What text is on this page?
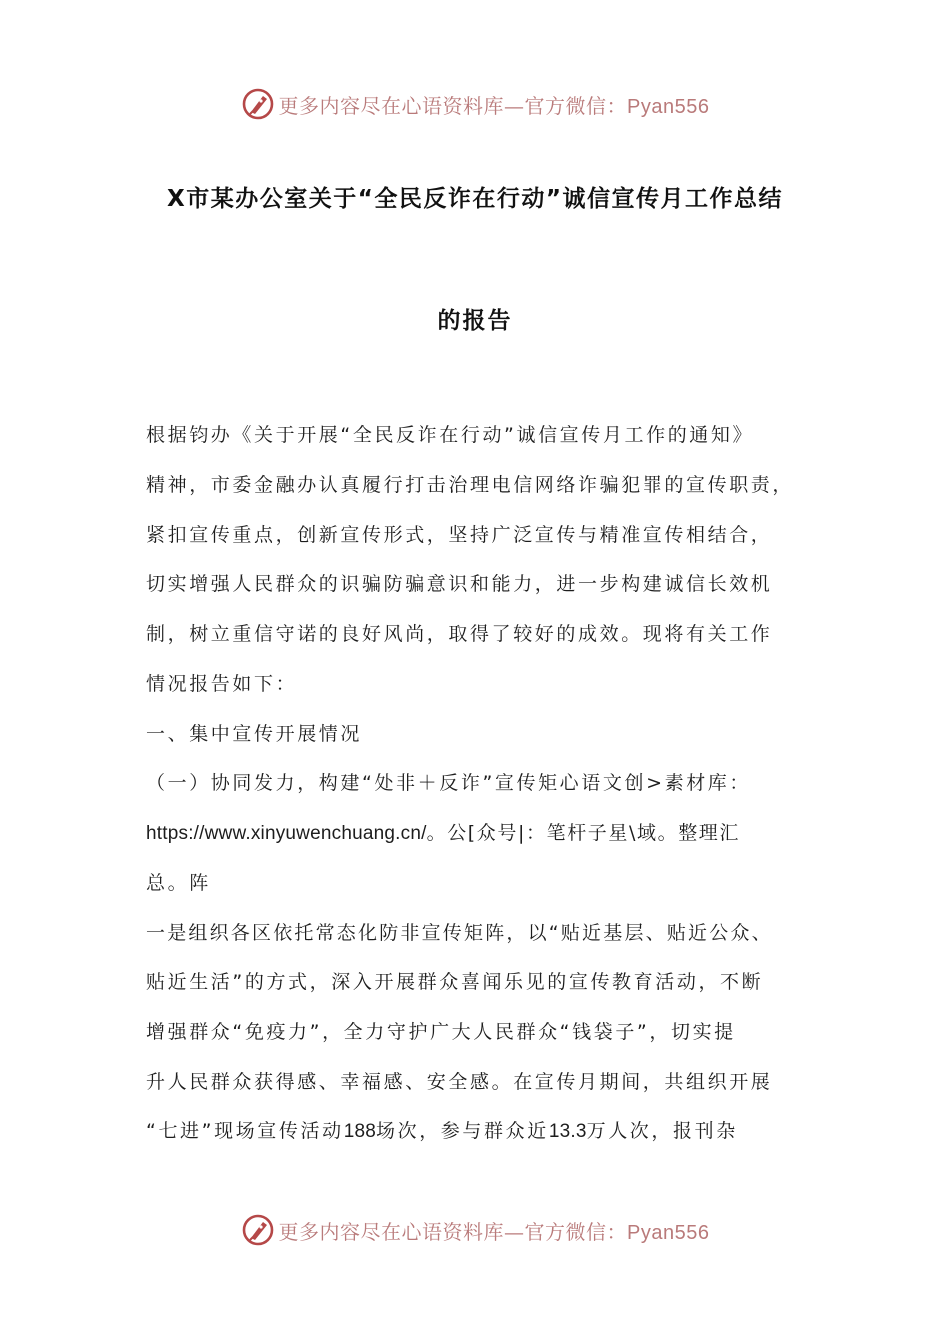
更多内容尽在心语资料库—官方微信：Pyan556
X市某办公室关于“全民反诈在行动”诚信宣传月工作总结
的报告
根据钧办《关于开展“全民反诈在行动”诚信宣传月工作的通知》
精神，市委金融办认真履行打击治理电信网络诈骗犯罪的宣传职责，
紧扣宣传重点，创新宣传形式，坚持广泛宣传与精准宣传相结合，
切实增强人民群众的识骗防骗意识和能力，进一步构建诚信长效机
制，树立重信守诺的良好风尚，取得了较好的成效。现将有关工作
情况报告如下：
一、集中宣传开展情况
（一）协同发力，构建“处非＋反诈”宣传矩心语文创>素材库：
https://www.xinyuwenchuang.cn/。公[众号|：笔杆子星\域。整理汇
总。阵
一是组织各区依托常态化防非宣传矩阵，以“贴近基层、贴近公众、
贴近生活”的方式，深入开展群众喜闻乐见的宣传教育活动，不断
增强群众“免疫力”，全力守护广大人民群众“钱袋子”，切实提
升人民群众获得感、幸福感、安全感。在宣传月期间，共组织开展
“七进”现场宣传活动188场次，参与群众近13.3万人次，报刊杂
更多内容尽在心语资料库—官方微信：Pyan556
